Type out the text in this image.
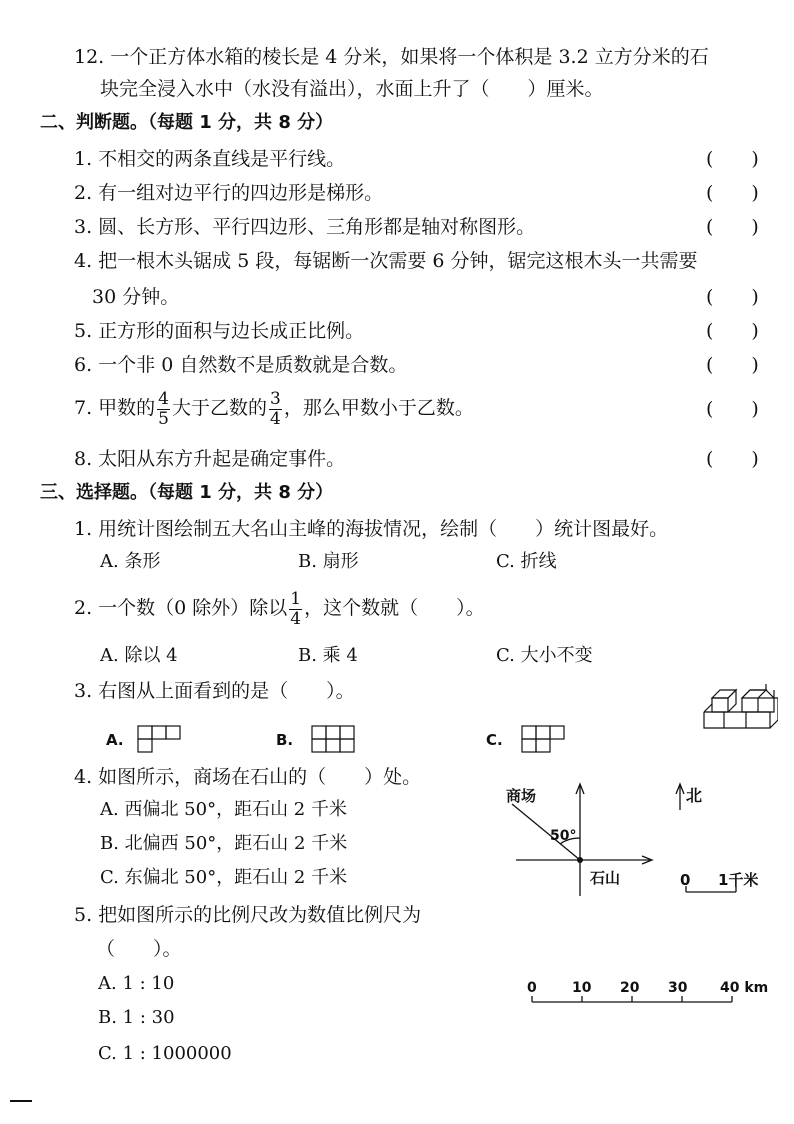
12. 一个正方体水箱的棱长是 4 分米，如果将一个体积是 3.2 立方分米的石
块完全浸入水中（水没有溢出），水面上升了（　　）厘米。
二、判断题。（每题 1 分，共 8 分）
1. 不相交的两条直线是平行线。	(　　)
2. 有一组对边平行的四边形是梯形。	(　　)
3. 圆、长方形、平行四边形、三角形都是轴对称图形。	(　　)
4. 把一根木头锯成 5 段，每锯断一次需要 6 分钟，锯完这根木头一共需要
30 分钟。	(　　)
5. 正方形的面积与边长成正比例。	(　　)
6. 一个非 0 自然数不是质数就是合数。	(　　)
7. 甲数的 $\frac{4}{5}$ 大于乙数的 $\frac{3}{4}$ ，那么甲数小于乙数。	(　　)
8. 太阳从东方升起是确定事件。	(　　)
三、选择题。（每题 1 分，共 8 分）
1. 用统计图绘制五大名山主峰的海拔情况，绘制（　　）统计图最好。
A. 条形	B. 扇形	C. 折线
2. 一个数（0 除外）除以 $\frac{1}{4}$ ，这个数就（　　）。
A. 除以 4	B. 乘 4	C. 大小不变
3. 右图从上面看到的是（　　）。
A.	B.	C.
4. 如图所示，商场在石山的（　　）处。
A. 西偏北 50°，距石山 2 千米
B. 北偏西 50°，距石山 2 千米
C. 东偏北 50°，距石山 2 千米
商场
50°
石山
北
0 1千米
5. 把如图所示的比例尺改为数值比例尺为
（　　）。
A. 1 : 10
B. 1 : 30
C. 1 : 1000000
0	10 20 30 40 km
